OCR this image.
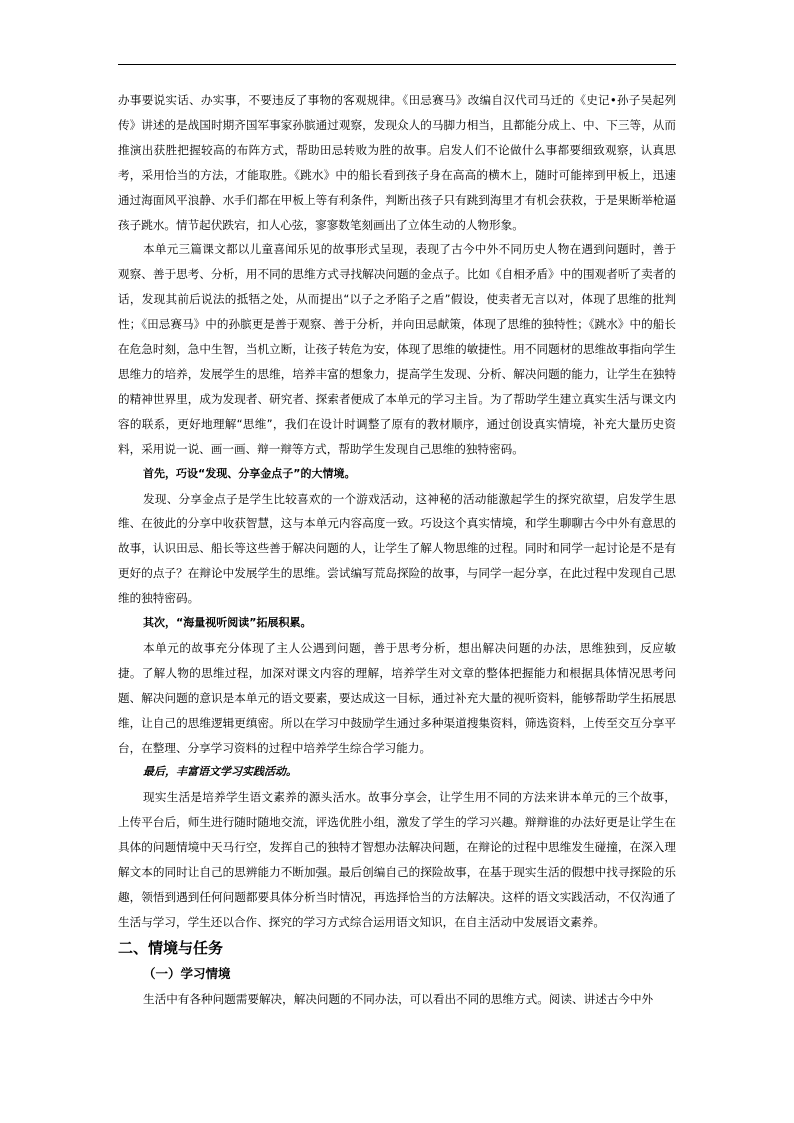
办事要说实话、办实事，不要违反了事物的客观规律。《田忌赛马》改编自汉代司马迁的《史记•孙子吴起列传》讲述的是战国时期齐国军事家孙膑通过观察，发现众人的马脚力相当，且都能分成上、中、下三等，从而推演出获胜把握较高的布阵方式，帮助田忌转败为胜的故事。启发人们不论做什么事都要细致观察，认真思考，采用恰当的方法，才能取胜。《跳水》中的船长看到孩子身在高高的横木上，随时可能摔到甲板上，迅速通过海面风平浪静、水手们都在甲板上等有利条件，判断出孩子只有跳到海里才有机会获救，于是果断举枪逼孩子跳水。情节起伏跌宕，扣人心弦，寥寥数笔刻画出了立体生动的人物形象。

本单元三篇课文都以儿童喜闻乐见的故事形式呈现，表现了古今中外不同历史人物在遇到问题时，善于观察、善于思考、分析，用不同的思维方式寻找解决问题的金点子。比如《自相矛盾》中的围观者听了卖者的话，发现其前后说法的抵牾之处，从而提出“以子之矛陷子之盾”假设，使卖者无言以对，体现了思维的批判性；《田忌赛马》中的孙膑更是善于观察、善于分析，并向田忌献策，体现了思维的独特性；《跳水》中的船长在危急时刻，急中生智，当机立断，让孩子转危为安，体现了思维的敏捷性。用不同题材的思维故事指向学生思维力的培养，发展学生的思维，培养丰富的想象力，提高学生发现、分析、解决问题的能力，让学生在独特的精神世界里，成为发现者、研究者、探索者便成了本单元的学习主旨。为了帮助学生建立真实生活与课文内容的联系，更好地理解“思维”，我们在设计时调整了原有的教材顺序，通过创设真实情境，补充大量历史资料，采用说一说、画一画、辩一辩等方式，帮助学生发现自己思维的独特密码。

首先，巧设“发现、分享金点子”的大情境。

发现、分享金点子是学生比较喜欢的一个游戏活动，这神秘的活动能激起学生的探究欲望，启发学生思维、在彼此的分享中收获智慧，这与本单元内容高度一致。巧设这个真实情境，和学生聊聊古今中外有意思的故事，认识田忌、船长等这些善于解决问题的人，让学生了解人物思维的过程。同时和同学一起讨论是不是有更好的点子？在辩论中发展学生的思维。尝试编写荒岛探险的故事，与同学一起分享，在此过程中发现自己思维的独特密码。

其次，“海量视听阅读”拓展积累。

本单元的故事充分体现了主人公遇到问题，善于思考分析，想出解决问题的办法，思维独到，反应敏捷。了解人物的思维过程，加深对课文内容的理解，培养学生对文章的整体把握能力和根据具体情况思考问题、解决问题的意识是本单元的语文要素，要达成这一目标，通过补充大量的视听资料，能够帮助学生拓展思维，让自己的思维逻辑更缜密。所以在学习中鼓励学生通过多种渠道搜集资料，筛选资料，上传至交互分享平台，在整理、分享学习资料的过程中培养学生综合学习能力。

最后，丰富语文学习实践活动。

现实生活是培养学生语文素养的源头活水。故事分享会，让学生用不同的方法来讲本单元的三个故事，上传平台后，师生进行随时随地交流，评选优胜小组，激发了学生的学习兴趣。辩辩谁的办法好更是让学生在具体的问题情境中天马行空，发挥自己的独特才智想办法解决问题，在辩论的过程中思维发生碰撞，在深入理解文本的同时让自己的思辨能力不断加强。最后创编自己的探险故事，在基于现实生活的假想中找寻探险的乐趣，领悟到遇到任何问题都要具体分析当时情况，再选择恰当的方法解决。这样的语文实践活动，不仅沟通了生活与学习，学生还以合作、探究的学习方式综合运用语文知识，在自主活动中发展语文素养。

二、情境与任务
（一）学习情境

生活中有各种问题需要解决，解决问题的不同办法，可以看出不同的思维方式。阅读、讲述古今中外
